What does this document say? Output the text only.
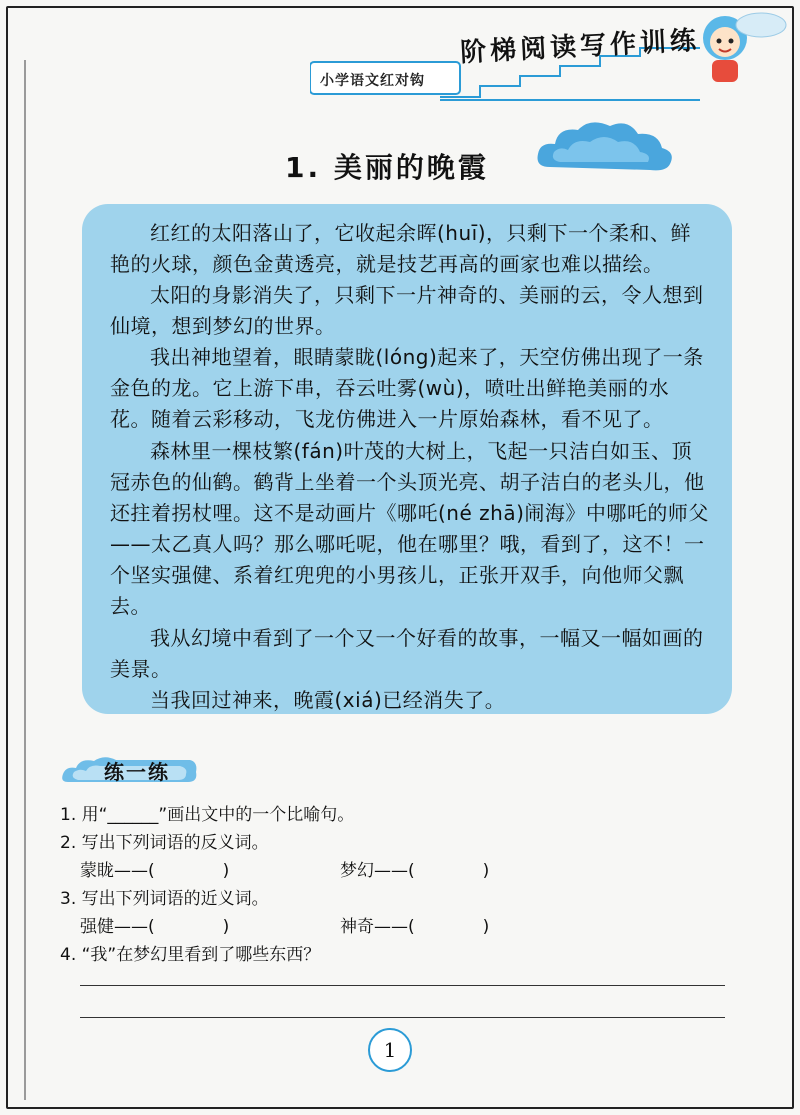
小学语文红对钩
阶梯阅读写作训练
1. 美丽的晚霞

红红的太阳落山了，它收起余晖(huī)，只剩下一个柔和、鲜艳的火球，颜色金黄透亮，就是技艺再高的画家也难以描绘。

太阳的身影消失了，只剩下一片神奇的、美丽的云，令人想到仙境，想到梦幻的世界。

我出神地望着，眼睛蒙眬(lóng)起来了，天空仿佛出现了一条金色的龙。它上游下串，吞云吐雾(wù)，喷吐出鲜艳美丽的水花。随着云彩移动，飞龙仿佛进入一片原始森林，看不见了。

森林里一棵枝繁(fán)叶茂的大树上，飞起一只洁白如玉、顶冠赤色的仙鹤。鹤背上坐着一个头顶光亮、胡子洁白的老头儿，他还拄着拐杖哩。这不是动画片《哪吒(né zhā)闹海》中哪吒的师父——太乙真人吗？那么哪吒呢，他在哪里？哦，看到了，这不！一个坚实强健、系着红兜兜的小男孩儿，正张开双手，向他师父飘去。

我从幻境中看到了一个又一个好看的故事，一幅又一幅如画的美景。

当我回过神来，晚霞(xiá)已经消失了。

练一练
1. 用“______”画出文中的一个比喻句。
2. 写出下列词语的反义词。
蒙眬——(　　　　)	梦幻——(　　　　)
3. 写出下列词语的近义词。
强健——(　　　　)	神奇——(　　　　)
4. “我”在梦幻里看到了哪些东西？
1
